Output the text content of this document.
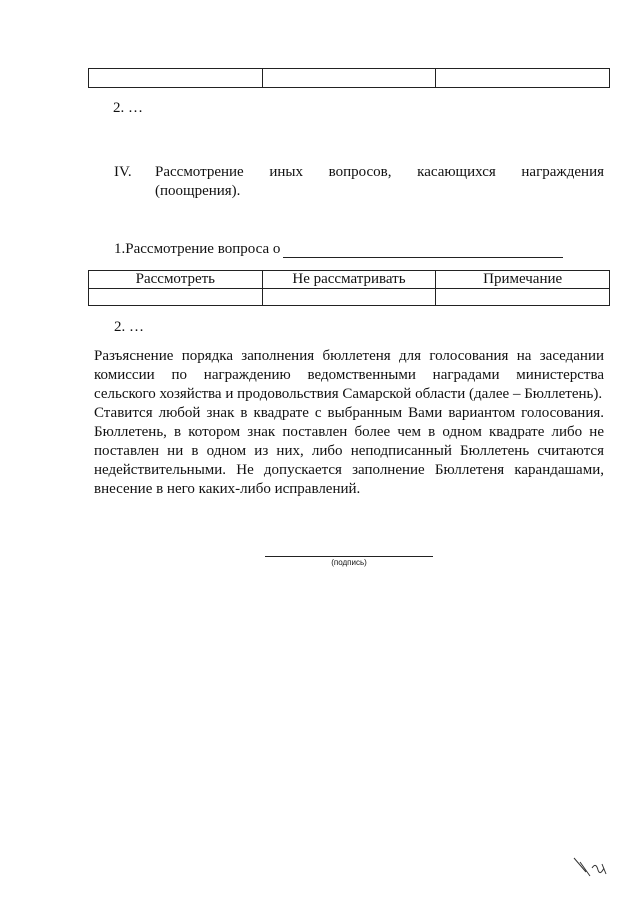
2. …
IV. Рассмотрение иных вопросов, касающихся награждения
(поощрения).
1.Рассмотрение вопроса о
Рассмотреть	Не рассматривать	Примечание

2. …

Разъяснение порядка заполнения бюллетеня для голосования на заседании комиссии по награждению ведомственными наградами министерства сельского хозяйства и продовольствия Самарской области (далее – Бюллетень).

Ставится любой знак в квадрате с выбранным Вами вариантом голосования. Бюллетень, в котором знак поставлен более чем в одном квадрате либо не поставлен ни в одном из них, либо неподписанный Бюллетень считаются недействительными. Не допускается заполнение Бюллетеня карандашами, внесение в него каких-либо исправлений.

(подпись)
